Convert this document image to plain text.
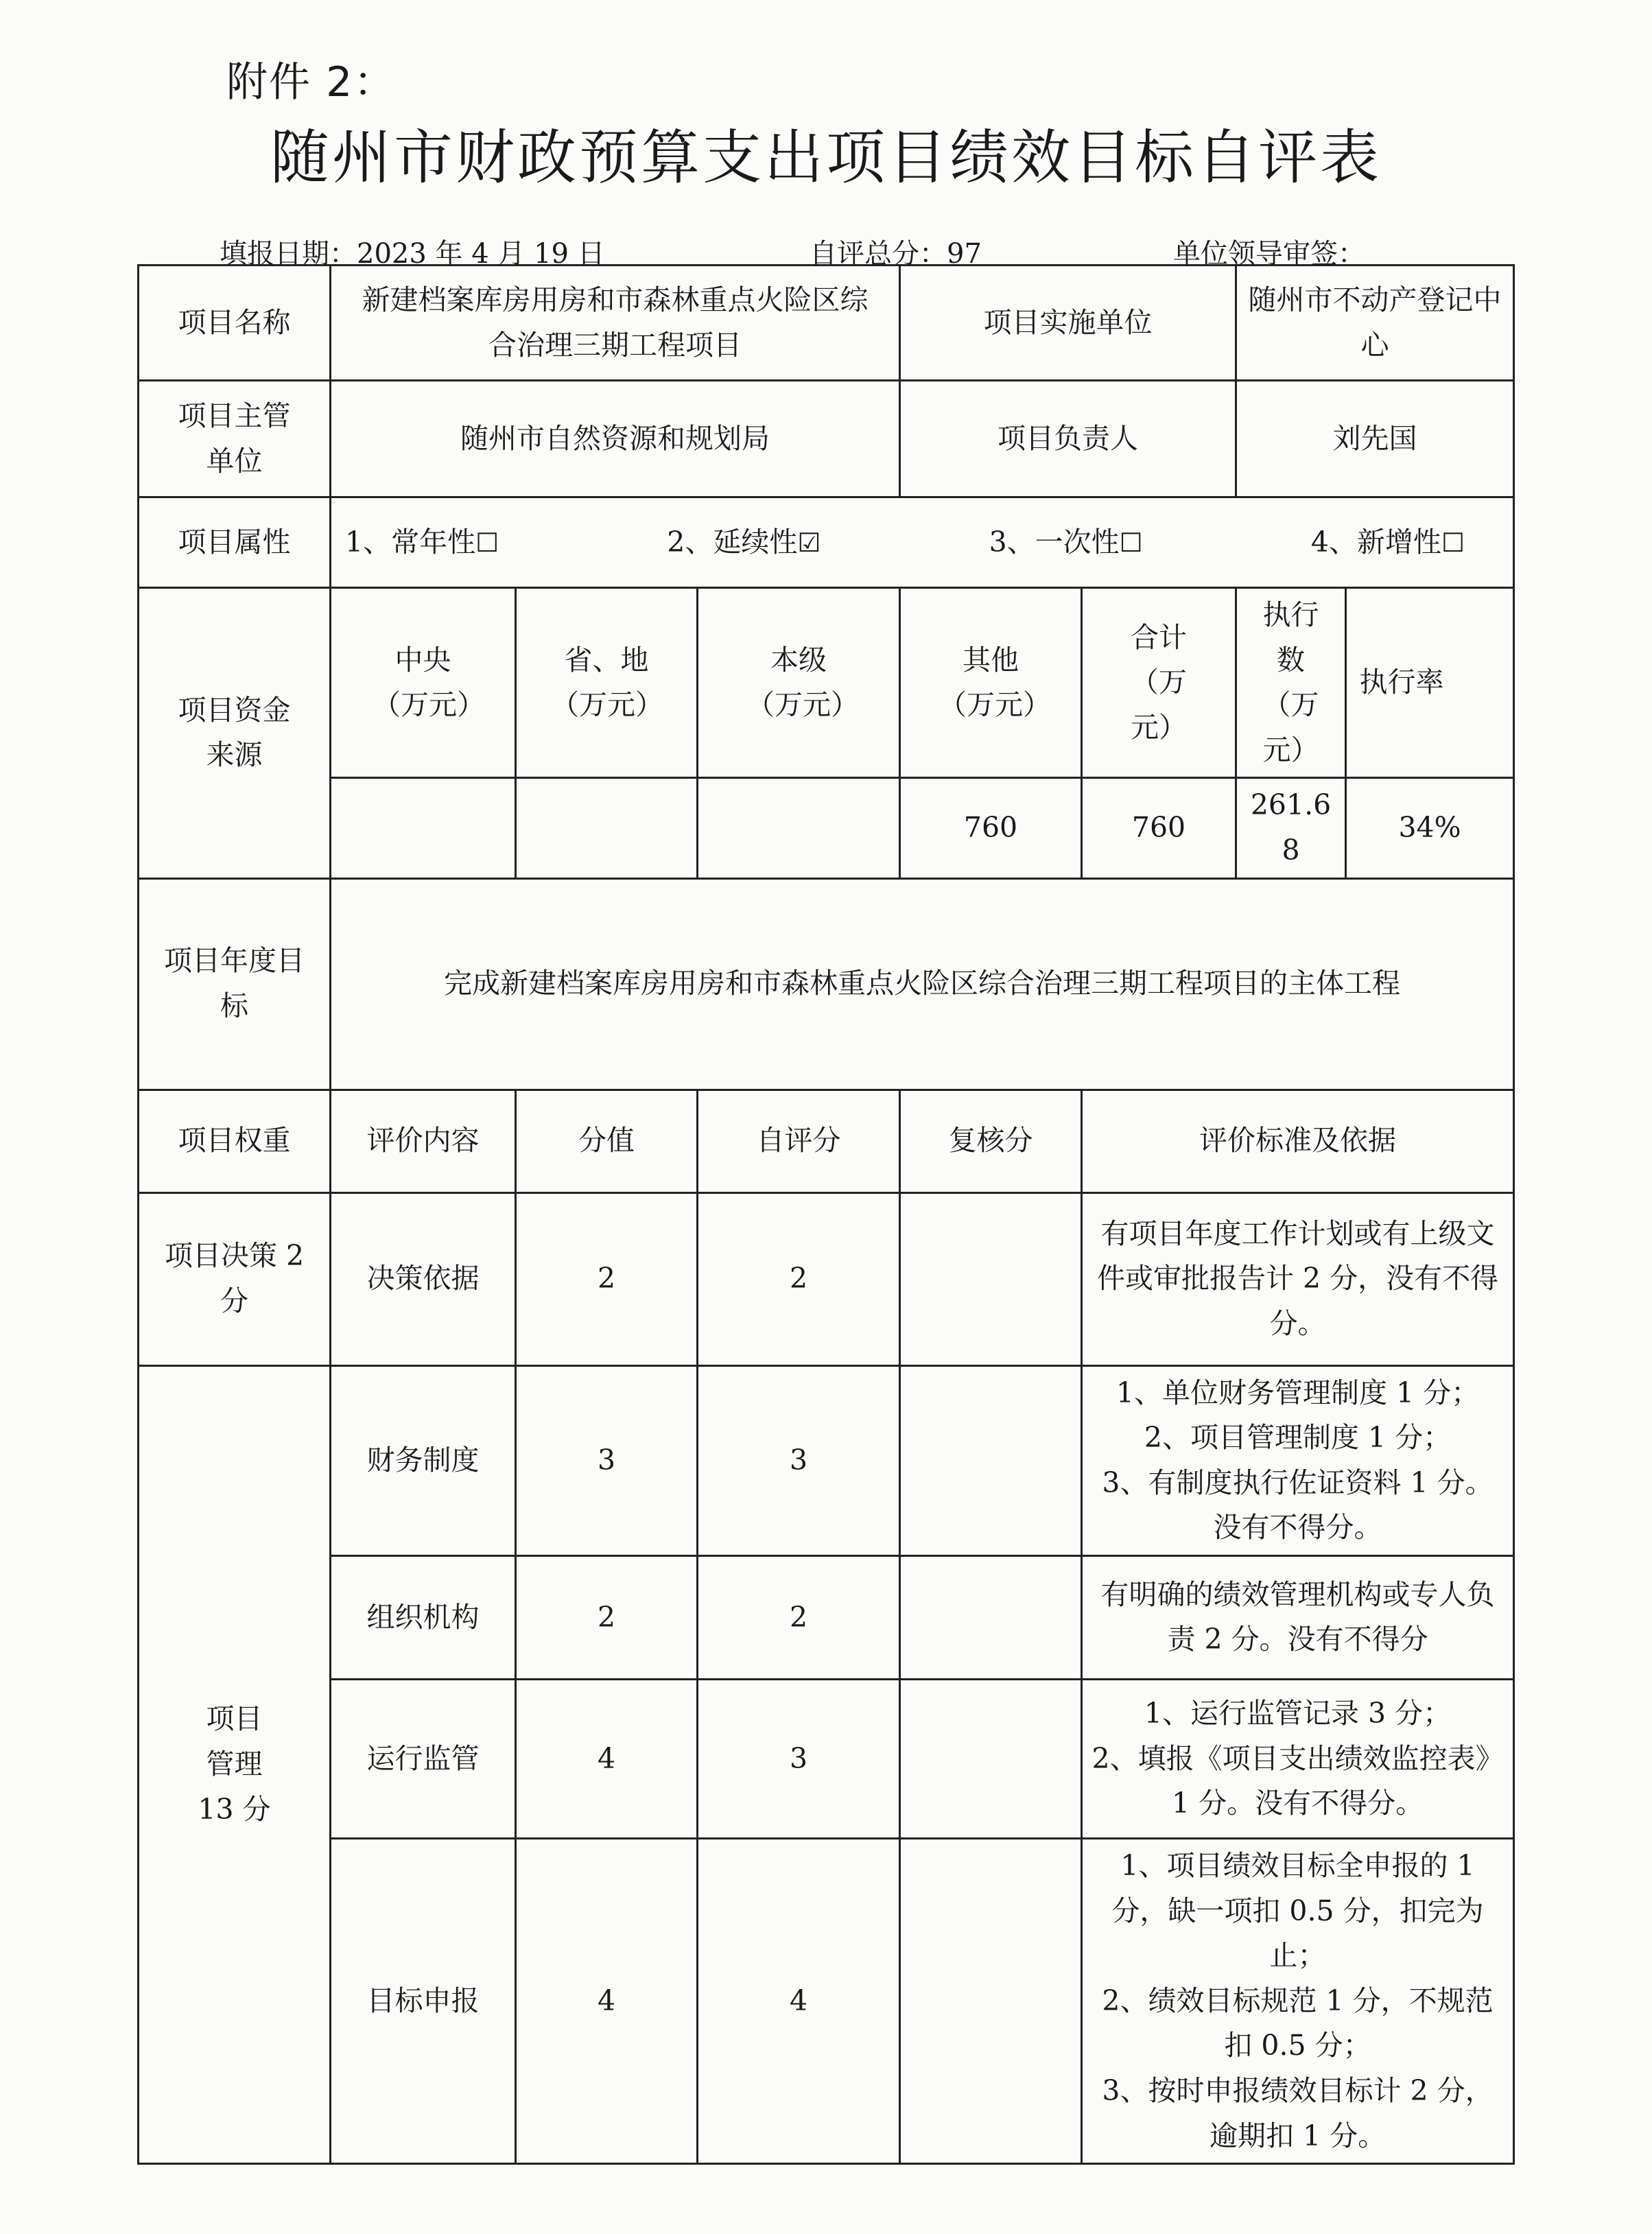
附件 2：
随州市财政预算支出项目绩效目标自评表
填报日期：2023 年 4 月 19 日	自评总分：97	单位领导审签：
项目名称	新建档案库房用房和市森林重点火险区综合治理三期工程项目			项目实施单位		随州市不动产登记中心	
项目主管单位	随州市自然资源和规划局			项目负责人		刘先国	
项目属性	1、常年性☐ 2、延续性☑ 3、一次性☐ 4、新增性☐						

项目资金来源	中央（万元）	省、地（万元）	本级（万元）	其他（万元）	合计（万元）	执行数（万元）	执行率
				760	760	261.68	34%
项目年度目标	完成新建档案库房用房和市森林重点火险区综合治理三期工程项目的主体工程						
项目权重	评价内容	分值	自评分	复核分	评价标准及依据		
项目决策 2 分	决策依据	2	2		有项目年度工作计划或有上级文件或审批报告计 2 分，没有不得分。		

项目管理 13 分	财务制度	3	3		1、单位财务管理制度 1 分；
2、项目管理制度 1 分；
3、有制度执行佐证资料 1 分。没有不得分。		

	组织机构	2	2		有明确的绩效管理机构或专人负责 2 分。没有不得分		

	运行监管	4	3		1、运行监管记录 3 分；
2、填报《项目支出绩效监控表》1 分。没有不得分。		

	目标申报	4	4		1、项目绩效目标全申报的 1 分，缺一项扣 0.5 分，扣完为止；
2、绩效目标规范 1 分，不规范扣 0.5 分；
3、按时申报绩效目标计 2 分，逾期扣 1 分。		
